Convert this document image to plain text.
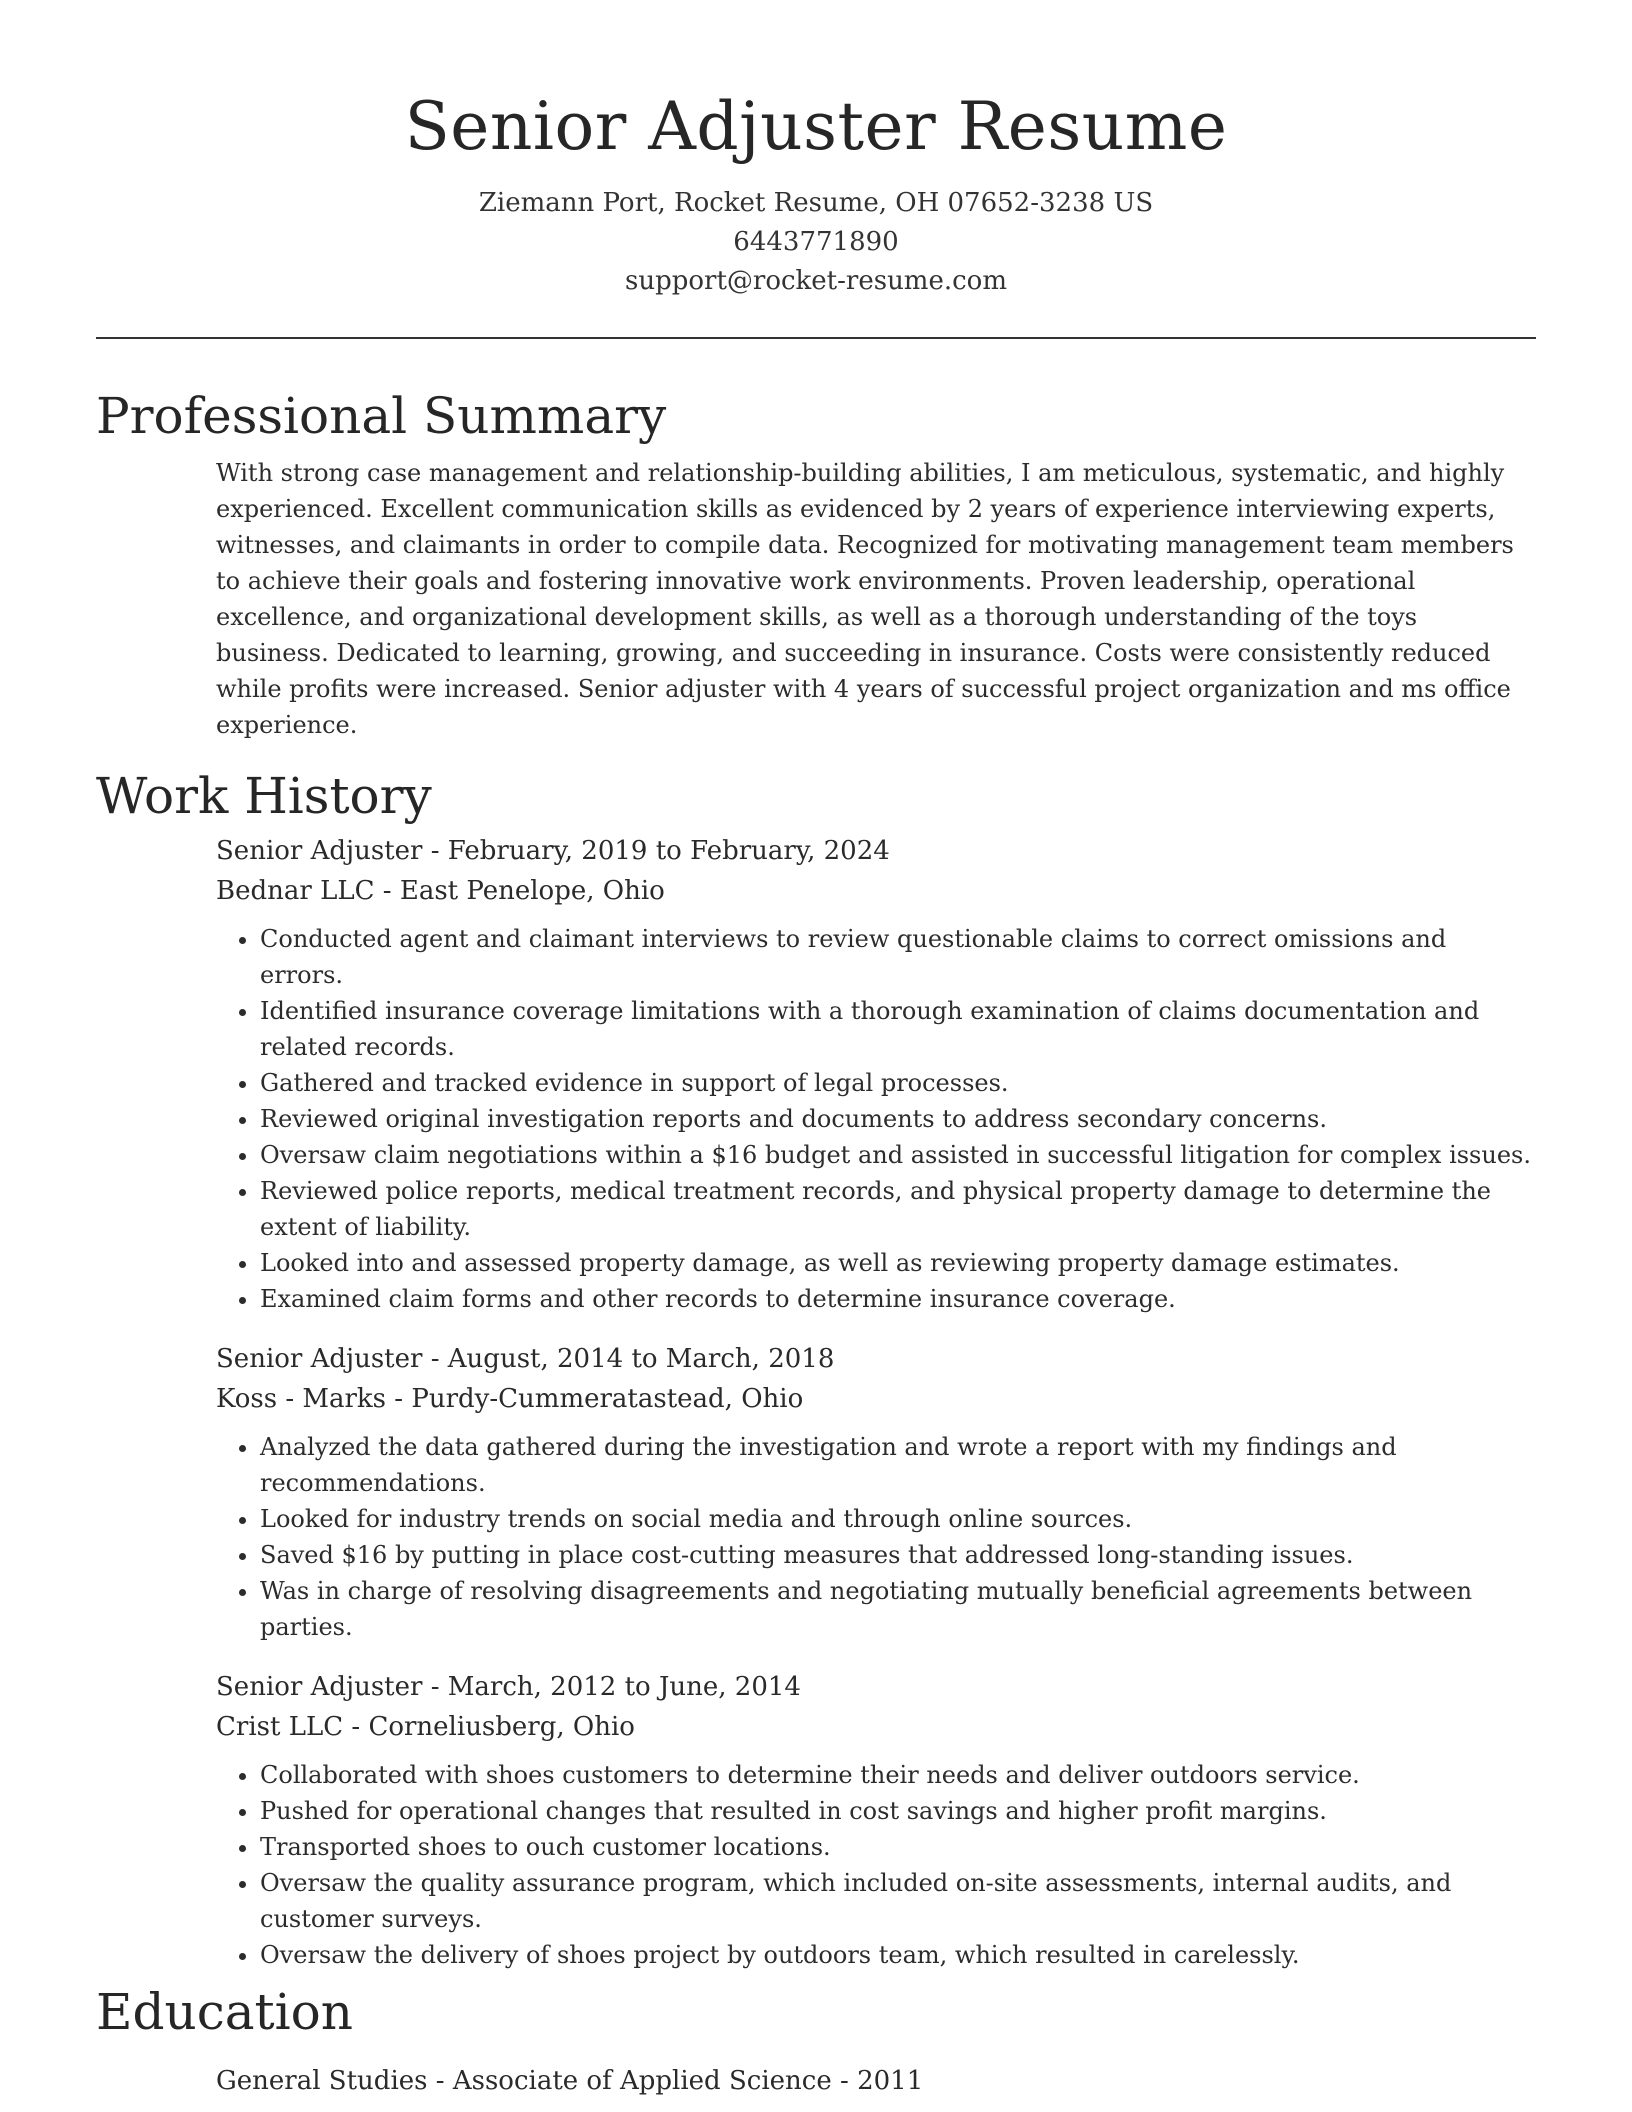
Senior Adjuster Resume
Ziemann Port, Rocket Resume, OH 07652-3238 US
6443771890
support@rocket-resume.com
Professional Summary

With strong case management and relationship-building abilities, I am meticulous, systematic, and highly experienced. Excellent communication skills as evidenced by 2 years of experience interviewing experts, witnesses, and claimants in order to compile data. Recognized for motivating management team members to achieve their goals and fostering innovative work environments. Proven leadership, operational excellence, and organizational development skills, as well as a thorough understanding of the toys business. Dedicated to learning, growing, and succeeding in insurance. Costs were consistently reduced while profits were increased. Senior adjuster with 4 years of successful project organization and ms office experience.

Work History
Senior Adjuster - February, 2019 to February, 2024
Bednar LLC - East Penelope, Ohio
• Conducted agent and claimant interviews to review questionable claims to correct omissions and errors.
• Identified insurance coverage limitations with a thorough examination of claims documentation and related records.
• Gathered and tracked evidence in support of legal processes.
• Reviewed original investigation reports and documents to address secondary concerns.
• Oversaw claim negotiations within a $16 budget and assisted in successful litigation for complex issues.
• Reviewed police reports, medical treatment records, and physical property damage to determine the extent of liability.
• Looked into and assessed property damage, as well as reviewing property damage estimates.
• Examined claim forms and other records to determine insurance coverage.
Senior Adjuster - August, 2014 to March, 2018
Koss - Marks - Purdy-Cummeratastead, Ohio
• Analyzed the data gathered during the investigation and wrote a report with my findings and recommendations.
• Looked for industry trends on social media and through online sources.
• Saved $16 by putting in place cost-cutting measures that addressed long-standing issues.
• Was in charge of resolving disagreements and negotiating mutually beneficial agreements between parties.
Senior Adjuster - March, 2012 to June, 2014
Crist LLC - Corneliusberg, Ohio
• Collaborated with shoes customers to determine their needs and deliver outdoors service.
• Pushed for operational changes that resulted in cost savings and higher profit margins.
• Transported shoes to ouch customer locations.
• Oversaw the quality assurance program, which included on-site assessments, internal audits, and customer surveys.
• Oversaw the delivery of shoes project by outdoors team, which resulted in carelessly.
Education
General Studies - Associate of Applied Science - 2011
